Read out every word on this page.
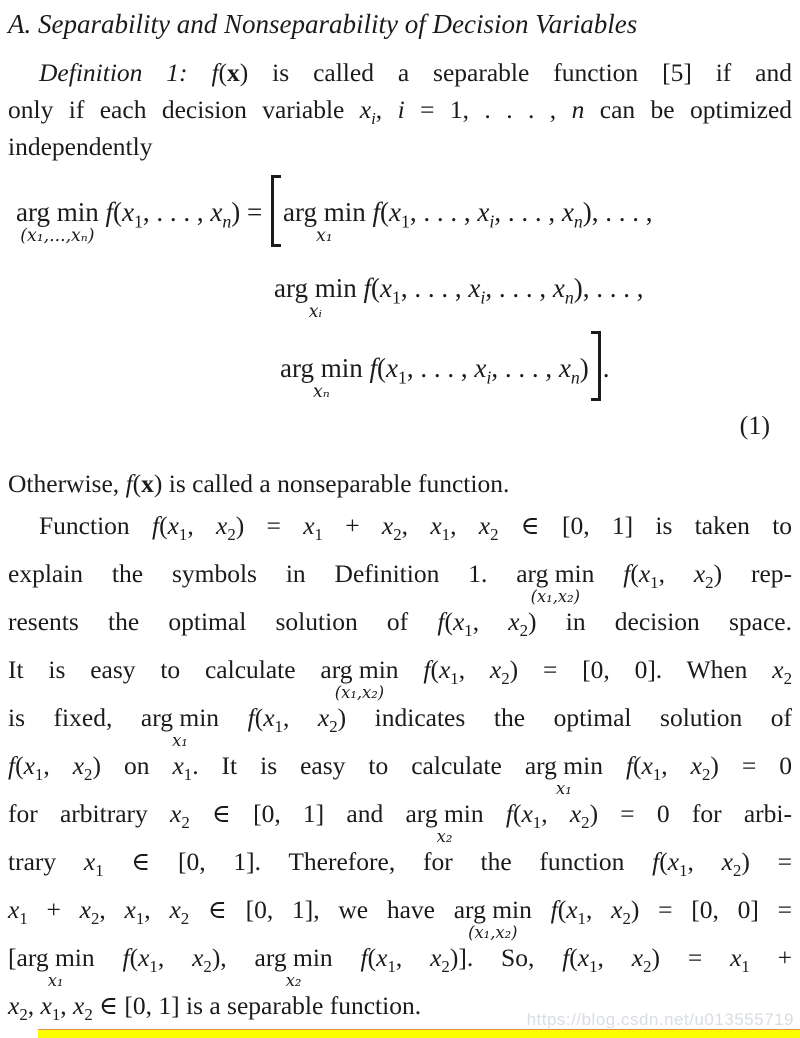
A. Separability and Nonseparability of Decision Variables
Definition 1: f(x) is called a separable function [5] if and
only if each decision variable $x_i$, i = 1, . . . , n can be optimized
independently
arg min
(x₁,...,xₙ)
$f(x_1$, . . . , $x_n$) =
arg min
x₁
$f(x_1$, . . . , $x_i$, . . . , $x_n$), . . . ,
arg min
xᵢ
$f(x_1$, . . . , $x_i$, . . . , $x_n$), . . . ,
arg min
xₙ
$f(x_1$, . . . , $x_i$, . . . , $x_n$) .
(1)
Otherwise, f(x) is called a nonseparable function.
Function $f(x_1$, $x_2) = x_1 + x_2$, $x_1$, $x_2$ ∈ [0, 1] is taken to
explain the symbols in Definition 1. arg min
(x₁,x₂)
$f(x_1$, $x_2$) rep-
resents the optimal solution of $f(x_1$, $x_2$) in decision space.
It is easy to calculate arg min
(x₁,x₂)
$f(x_1$, $x_2) = [0$, 0]. When $x_2$
is fixed, arg min
x₁
$f(x_1$, $x_2$) indicates the optimal solution of
$f(x_1$, $x_2$) on $x_1$. It is easy to calculate arg min
x₁
$f(x_1$, $x_2) = 0$
for arbitrary $x_2$ ∈ [0, 1] and arg min
x₂
$f(x_1$, $x_2) = 0$ for arbi-
trary $x_1$ ∈ [0, 1]. Therefore, for the function $f(x_1$, $x_2$) =
$x_1 + x_2$, $x_1$, $x_2$ ∈ [0, 1], we have arg min
(x₁,x₂)
$f(x_1$, $x_2) = [0$, 0] =
[arg min
x₁
$f(x_1$, $x_2$), arg min
x₂
$f(x_1$, $x_2$)]. So, $f(x_1$, $x_2) = x_1$ +
$x_2$, $x_1$, $x_2$ ∈ [0, 1] is a separable function.	https://blog.csdn.net/u013555719
